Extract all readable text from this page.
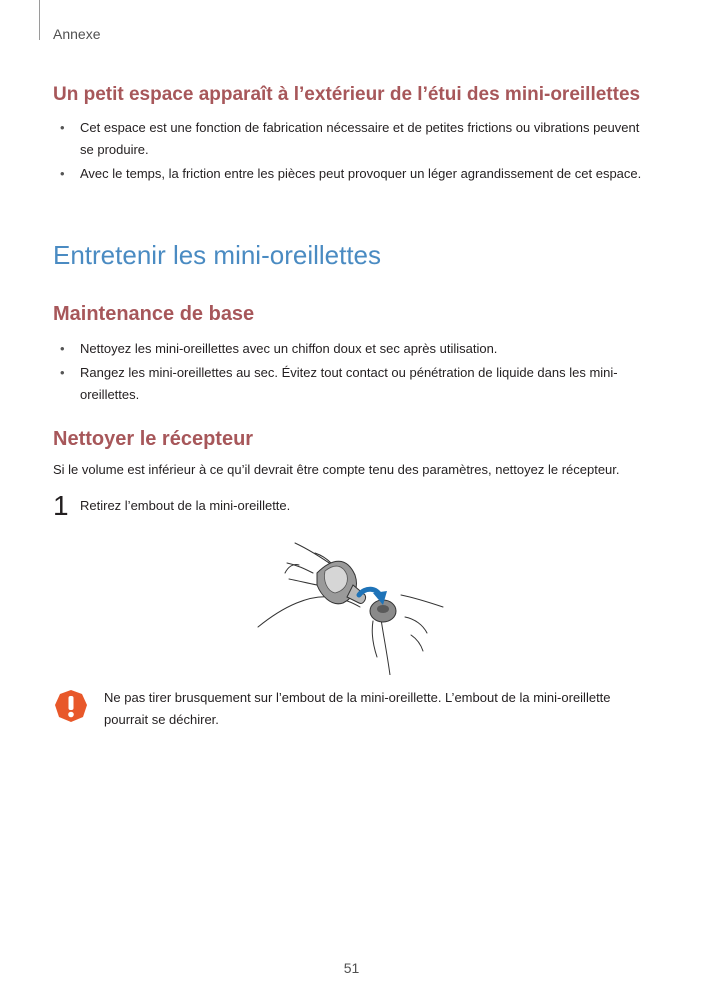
Annexe
Un petit espace apparaît à l’extérieur de l’étui des mini-oreillettes
• Cet espace est une fonction de fabrication nécessaire et de petites frictions ou vibrations peuvent se produire.
• Avec le temps, la friction entre les pièces peut provoquer un léger agrandissement de cet espace.
Entretenir les mini-oreillettes
Maintenance de base
• Nettoyez les mini-oreillettes avec un chiffon doux et sec après utilisation.
• Rangez les mini-oreillettes au sec. Évitez tout contact ou pénétration de liquide dans les mini-oreillettes.
Nettoyer le récepteur

Si le volume est inférieur à ce qu’il devrait être compte tenu des paramètres, nettoyez le récepteur.

1 Retirez l’embout de la mini-oreillette.

Ne pas tirer brusquement sur l’embout de la mini-oreillette. L’embout de la mini-oreillette pourrait se déchirer.

51
